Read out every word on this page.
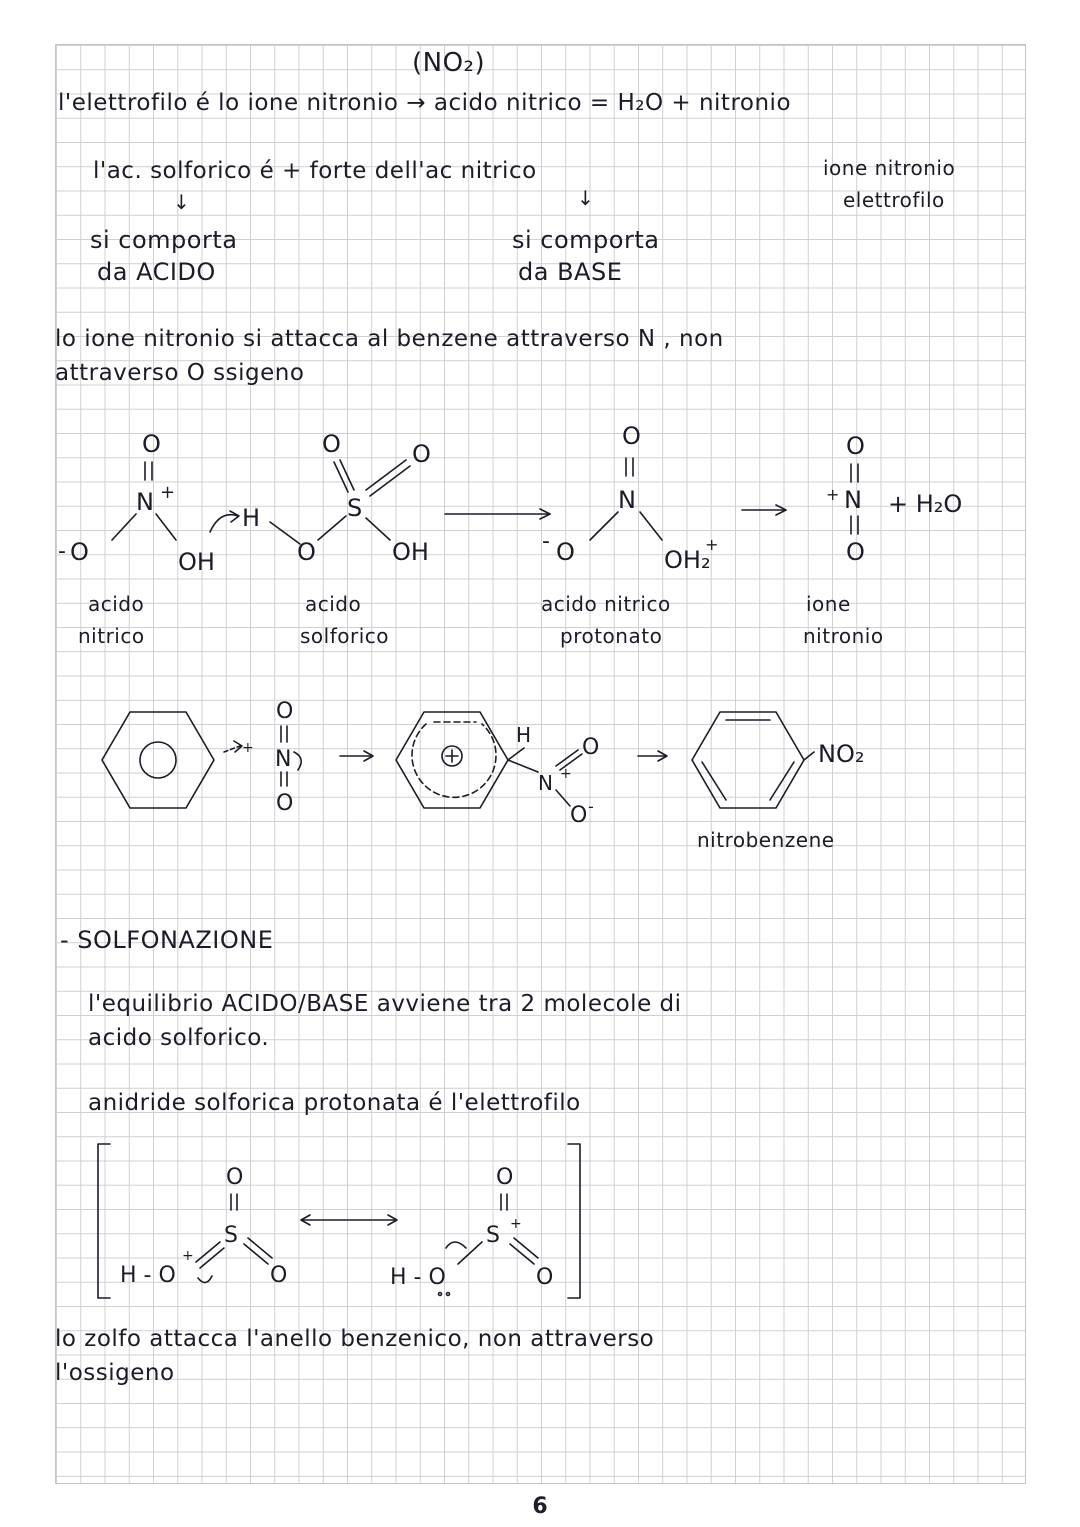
(NO₂)
l'elettrofilo é lo ione nitronio → acido nitrico = H₂O + nitronio
l'ac. solforico é + forte dell'ac nitrico	ione nitronio
elettrofilo
↓	↓
si comporta
da ACIDO
si comporta
da BASE
lo ione nitronio si attacca al benzene attraverso N , non
attraverso O ssigeno
O
N +
- O	OH
H
O
S
O	O
OH
O
N
- O	OH₂
+
O
+ N
O
+ H₂O
acido
nitrico
acido
solforico
acido nitrico
protonato
ione
nitronio
+
O
N
O
H
N +
O
O -
NO₂
nitrobenzene
- SOLFONAZIONE
l'equilibrio ACIDO/BASE avviene tra 2 molecole di
acido solforico.
anidride solforica protonata é l'elettrofilo
O
S
H - O
+
O
O
S +
H - O	O
lo zolfo attacca l'anello benzenico, non attraverso
l'ossigeno
6
